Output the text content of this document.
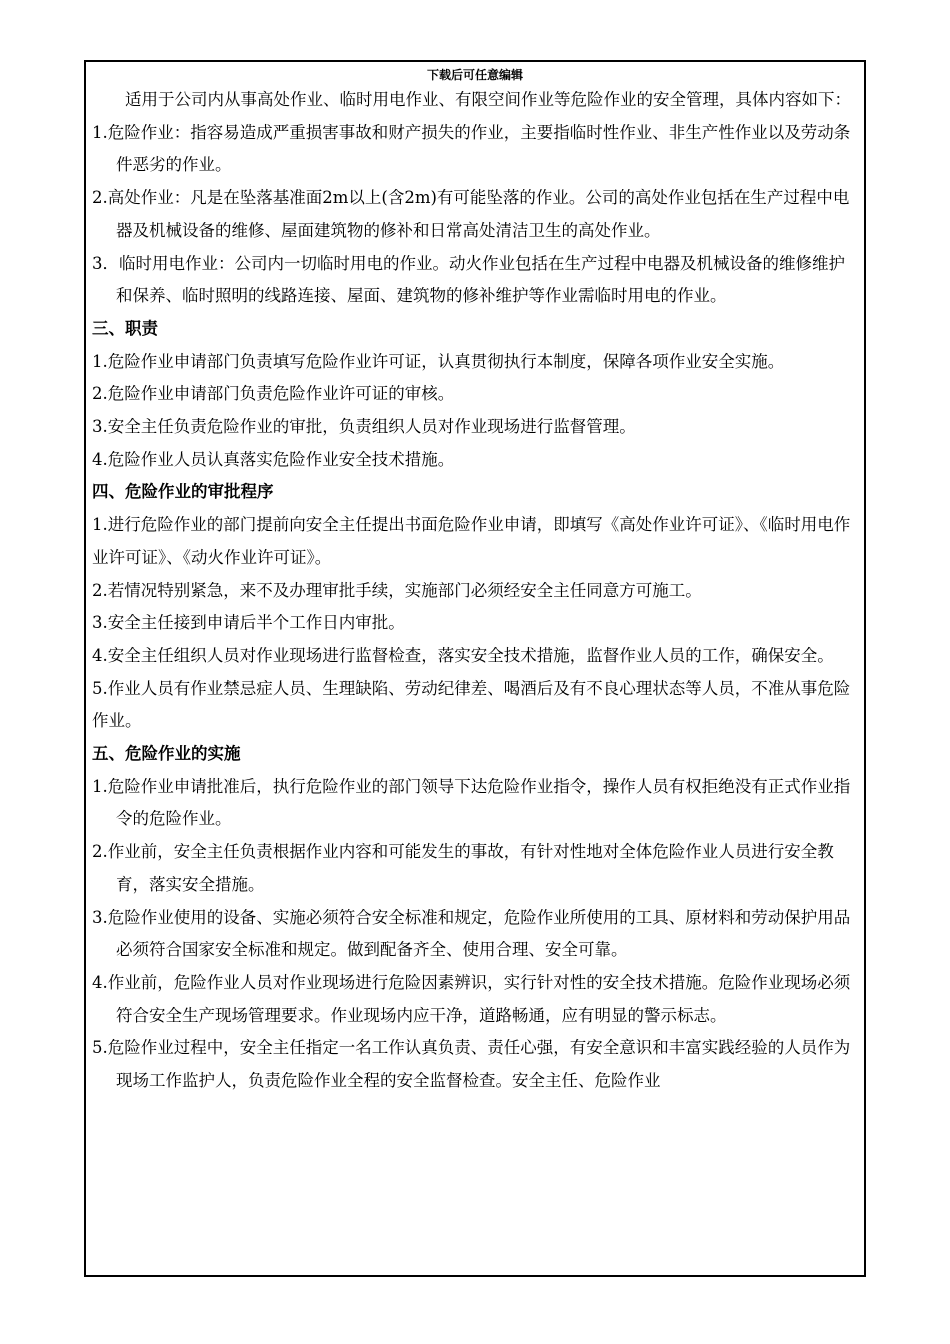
下载后可任意编辑

适用于公司内从事高处作业、临时用电作业、有限空间作业等危险作业的安全管理，具体内容如下：

1.危险作业：指容易造成严重损害事故和财产损失的作业，主要指临时性作业、非生产性作业以及劳动条件恶劣的作业。

2.高处作业：凡是在坠落基准面2m以上(含2m)有可能坠落的作业。公司的高处作业包括在生产过程中电器及机械设备的维修、屋面建筑物的修补和日常高处清洁卫生的高处作业。

3．临时用电作业：公司内一切临时用电的作业。动火作业包括在生产过程中电器及机械设备的维修维护和保养、临时照明的线路连接、屋面、建筑物的修补维护等作业需临时用电的作业。

三、职责

1.危险作业申请部门负责填写危险作业许可证，认真贯彻执行本制度，保障各项作业安全实施。

2.危险作业申请部门负责危险作业许可证的审核。

3.安全主任负责危险作业的审批，负责组织人员对作业现场进行监督管理。

4.危险作业人员认真落实危险作业安全技术措施。

四、危险作业的审批程序

1.进行危险作业的部门提前向安全主任提出书面危险作业申请，即填写《高处作业许可证》、《临时用电作业许可证》、《动火作业许可证》。

2.若情况特别紧急，来不及办理审批手续，实施部门必须经安全主任同意方可施工。

3.安全主任接到申请后半个工作日内审批。

4.安全主任组织人员对作业现场进行监督检查，落实安全技术措施，监督作业人员的工作，确保安全。

5.作业人员有作业禁忌症人员、生理缺陷、劳动纪律差、喝酒后及有不良心理状态等人员，不准从事危险作业。

五、危险作业的实施

1.危险作业申请批准后，执行危险作业的部门领导下达危险作业指令，操作人员有权拒绝没有正式作业指令的危险作业。

2.作业前，安全主任负责根据作业内容和可能发生的事故，有针对性地对全体危险作业人员进行安全教育，落实安全措施。

3.危险作业使用的设备、实施必须符合安全标准和规定，危险作业所使用的工具、原材料和劳动保护用品必须符合国家安全标准和规定。做到配备齐全、使用合理、安全可靠。

4.作业前，危险作业人员对作业现场进行危险因素辨识，实行针对性的安全技术措施。危险作业现场必须符合安全生产现场管理要求。作业现场内应干净，道路畅通，应有明显的警示标志。

5.危险作业过程中，安全主任指定一名工作认真负责、责任心强，有安全意识和丰富实践经验的人员作为现场工作监护人，负责危险作业全程的安全监督检查。安全主任、危险作业
